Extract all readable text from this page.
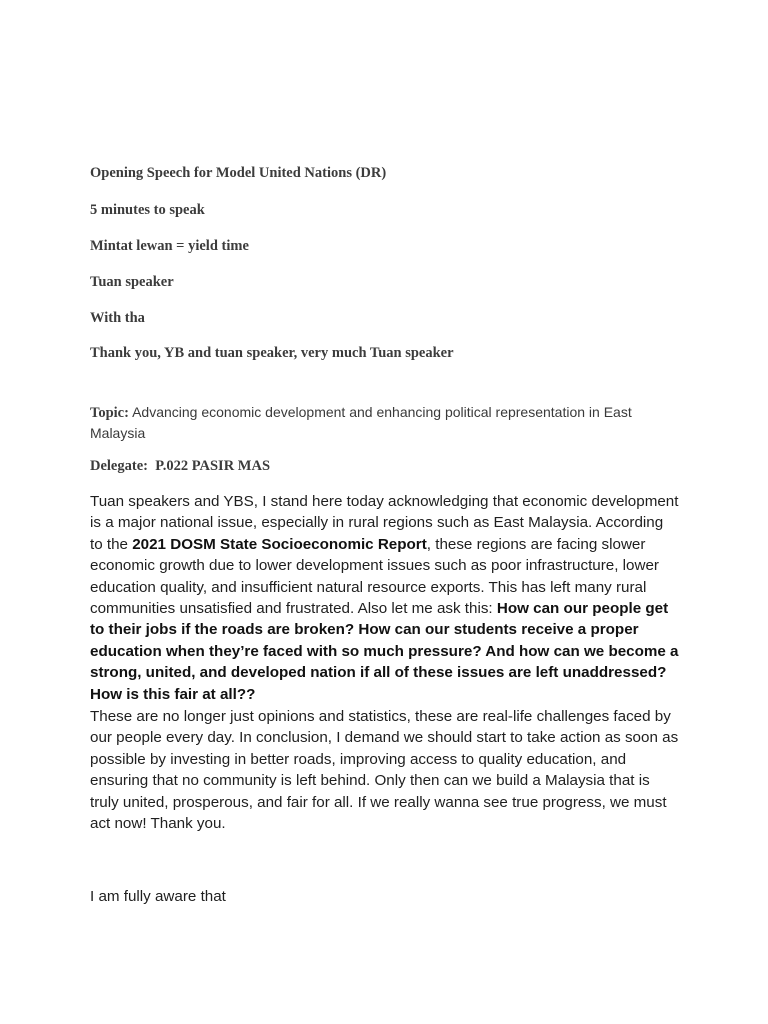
Opening Speech for Model United Nations (DR)
5 minutes to speak
Mintat lewan = yield time
Tuan speaker
With tha
Thank you, YB and tuan speaker, very much Tuan speaker
Topic: Advancing economic development and enhancing political representation in East Malaysia
Delegate:  P.022 PASIR MAS
Tuan speakers and YBS, I stand here today acknowledging that economic development is a major national issue, especially in rural regions such as East Malaysia. According to the 2021 DOSM State Socioeconomic Report, these regions are facing slower economic growth due to lower development issues such as poor infrastructure, lower education quality, and insufficient natural resource exports. This has left many rural communities unsatisfied and frustrated. Also let me ask this: How can our people get to their jobs if the roads are broken? How can our students receive a proper education when they’re faced with so much pressure? And how can we become a strong, united, and developed nation if all of these issues are left unaddressed? How is this fair at all??
These are no longer just opinions and statistics, these are real-life challenges faced by our people every day. In conclusion, I demand we should start to take action as soon as possible by investing in better roads, improving access to quality education, and ensuring that no community is left behind. Only then can we build a Malaysia that is truly united, prosperous, and fair for all. If we really wanna see true progress, we must act now! Thank you.
I am fully aware that
